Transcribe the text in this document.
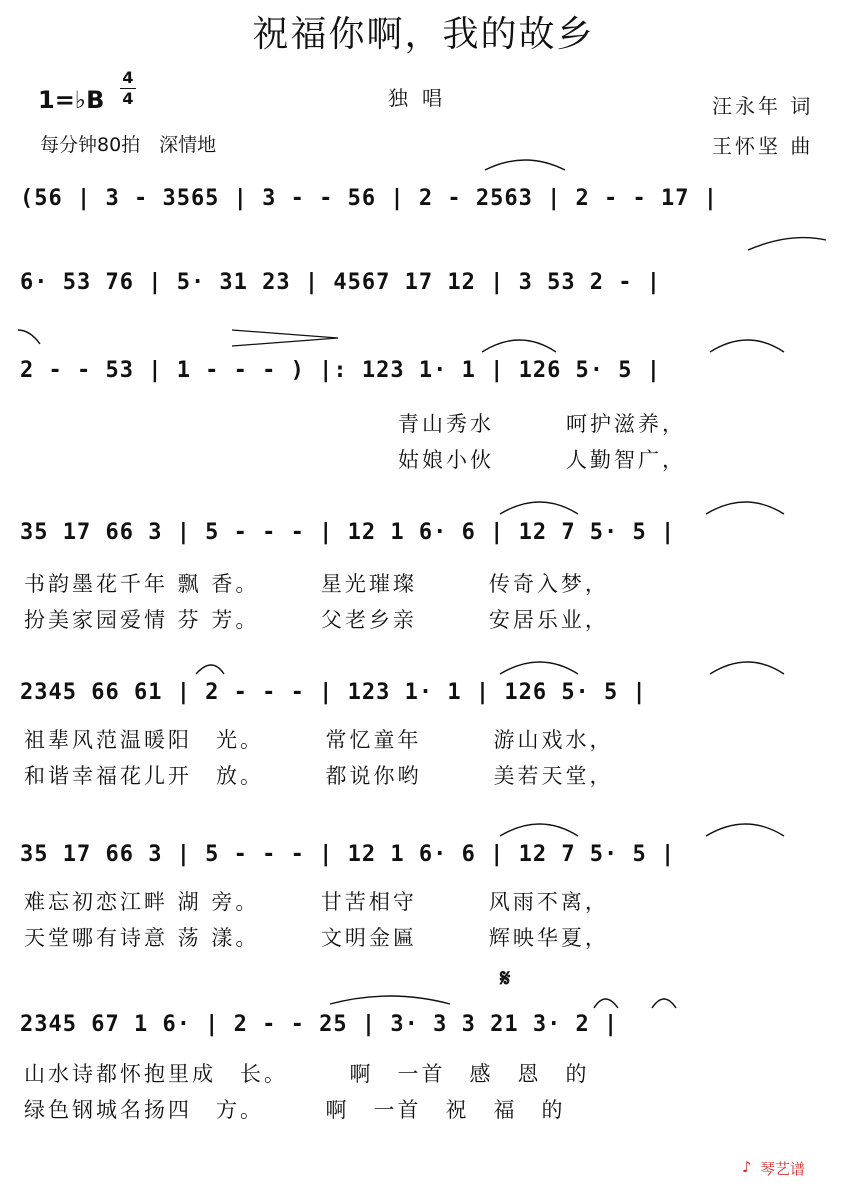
祝福你啊，我的故乡
1=♭B
4
4	独唱
每分钟80拍　深情地
汪永年 词
王怀坚 曲
(56 | 3 - 3565 | 3 - - 56 | 2 - 2563 | 2 - - 17 |
6· 53 76 | 5· 31 23 | 4567 17 12 | 3 53 2 - |
2 - - 53 | 1 - - - ) |: 123 1· 1 | 126 5· 5 |
青山秀水　　　呵护滋养，
姑娘小伙　　　人勤智广，
35 17 66 3 | 5 - - - | 12 1 6· 6 | 12 7 5· 5 |
书韵墨花千年 飘 香。　　　星光璀璨　　　传奇入梦，
扮美家园爱情 芬 芳。　　　父老乡亲　　　安居乐业，
2345 66 61 | 2 - - - | 123 1· 1 | 126 5· 5 |
祖辈风范温暖阳　光。　　　常忆童年　　　游山戏水，
和谐幸福花儿开　放。　　　都说你哟　　　美若天堂，
35 17 66 3 | 5 - - - | 12 1 6· 6 | 12 7 5· 5 |
难忘初恋江畔 湖 旁。　　　甘苦相守　　　风雨不离，
天堂哪有诗意 荡 漾。　　　文明金匾　　　辉映华夏，
𝄋
2345 67 1 6· | 2 - - 25 | 3· 3 3 21 3· 2 |
山水诗都怀抱里成　长。　　　啊　一首　感　恩　的
绿色钢城名扬四　方。　　　啊　一首　祝　福　的
♪ 琴艺谱
